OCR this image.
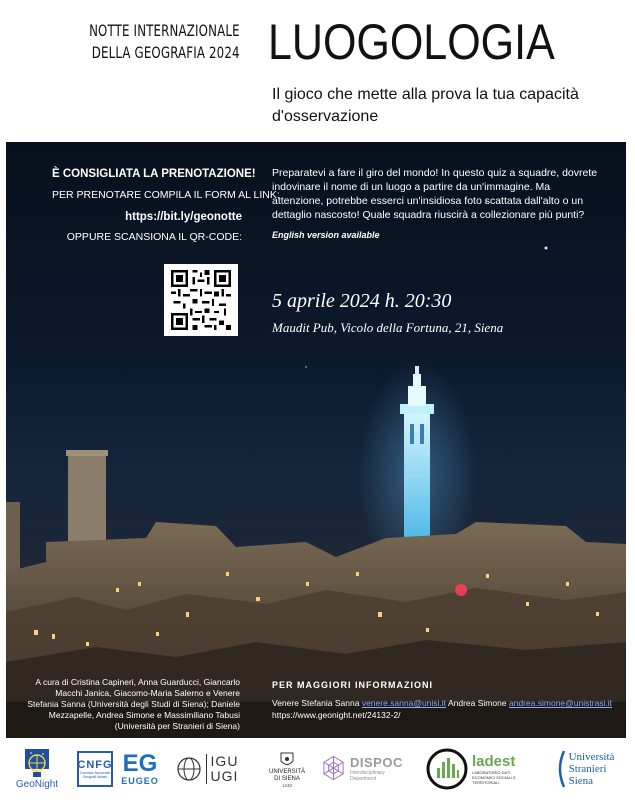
NOTTE INTERNAZIONALE
DELLA GEOGRAFIA 2024 LUOGOLOGIA
Il gioco che mette alla prova la tua capacità d'osservazione
È CONSIGLIATA LA PRENOTAZIONE!
PER PRENOTARE COMPILA IL FORM AL LINK:
https://bit.ly/geonotte
OPPURE SCANSIONA IL QR-CODE:
Preparatevi a fare il giro del mondo! In questo quiz a squadre, dovrete indovinare il nome di un luogo a partire da un'immagine. Ma attenzione, potrebbe esserci un'insidiosa foto scattata dall'alto o un dettaglio nascosto! Quale squadra riuscirà a collezionare più punti?
English version available
5 aprile 2024 h. 20:30
Maudit Pub, Vicolo della Fortuna, 21, Siena
A cura di Cristina Capineri, Anna Guarducci, Giancarlo Macchi Janica, Giacomo-Maria Salerno e Venere Stefania Sanna (Università degli Studi di Siena); Daniele Mezzapelle, Andrea Simone e Massimiliano Tabusi (Università per Stranieri di Siena)
PER MAGGIORI INFORMAZIONI
Venere Stefania Sanna venere.sanna@unisi.it Andrea Simone andrea.simone@unistrasi.it
https://www.geonight.net/24132-2/
GeoNight
CNFG
Comitato Nazionale Geografi Italiani EG
EUGEO
IGU
UGI	UNIVERSITÀ
DI SIENA
1240
DISPOC
Interdisciplinary Department
ladest
LABORATORIO DATI ECONOMICI SOCIALI E TERRITORIALI
Università
Stranieri
Siena
